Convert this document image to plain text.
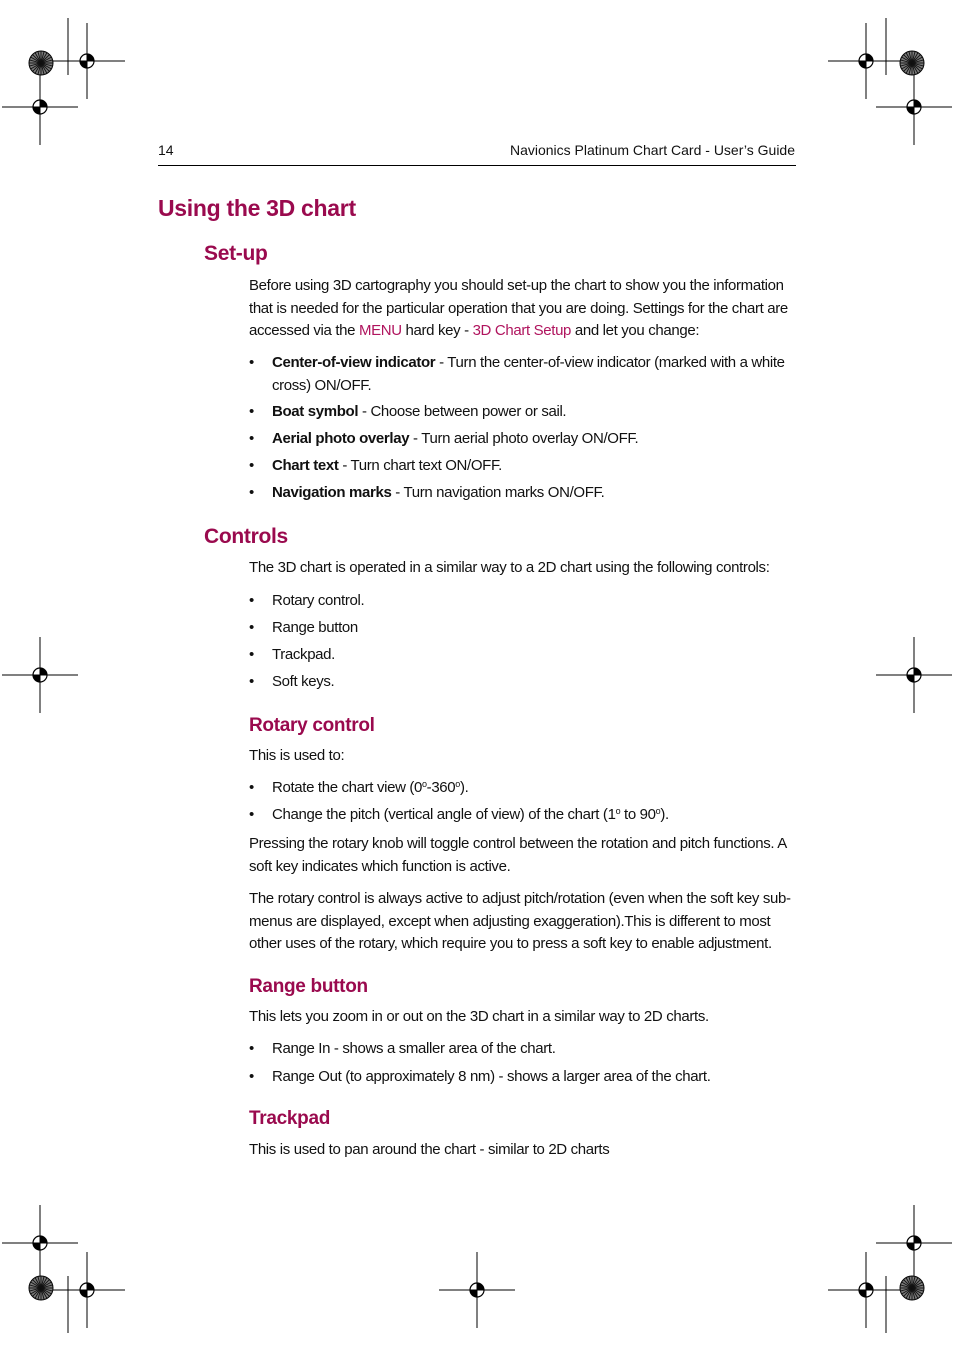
14	Navionics Platinum Chart Card - User’s Guide
Using the 3D chart
Set-up

Before using 3D cartography you should set-up the chart to show you the information that is needed for the particular operation that you are doing. Settings for the chart are accessed via the MENU hard key - 3D Chart Setup and let you change:

• Center-of-view indicator - Turn the center-of-view indicator (marked with a white cross) ON/OFF.
• Boat symbol - Choose between power or sail.
• Aerial photo overlay - Turn aerial photo overlay ON/OFF.
• Chart text - Turn chart text ON/OFF.
• Navigation marks - Turn navigation marks ON/OFF.
Controls

The 3D chart is operated in a similar way to a 2D chart using the following controls:

• Rotary control.
• Range button
• Trackpad.
• Soft keys.
Rotary control

This is used to:

• Rotate the chart view (0$^o$-360$^o$).
• Change the pitch (vertical angle of view) of the chart (1$^o$ to 90$^o$).

Pressing the rotary knob will toggle control between the rotation and pitch functions. A soft key indicates which function is active.

The rotary control is always active to adjust pitch/rotation (even when the soft key sub-menus are displayed, except when adjusting exaggeration).This is different to most other uses of the rotary, which require you to press a soft key to enable adjustment.

Range button

This lets you zoom in or out on the 3D chart in a similar way to 2D charts.

• Range In - shows a smaller area of the chart.
• Range Out (to approximately 8 nm) - shows a larger area of the chart.
Trackpad

This is used to pan around the chart - similar to 2D charts
